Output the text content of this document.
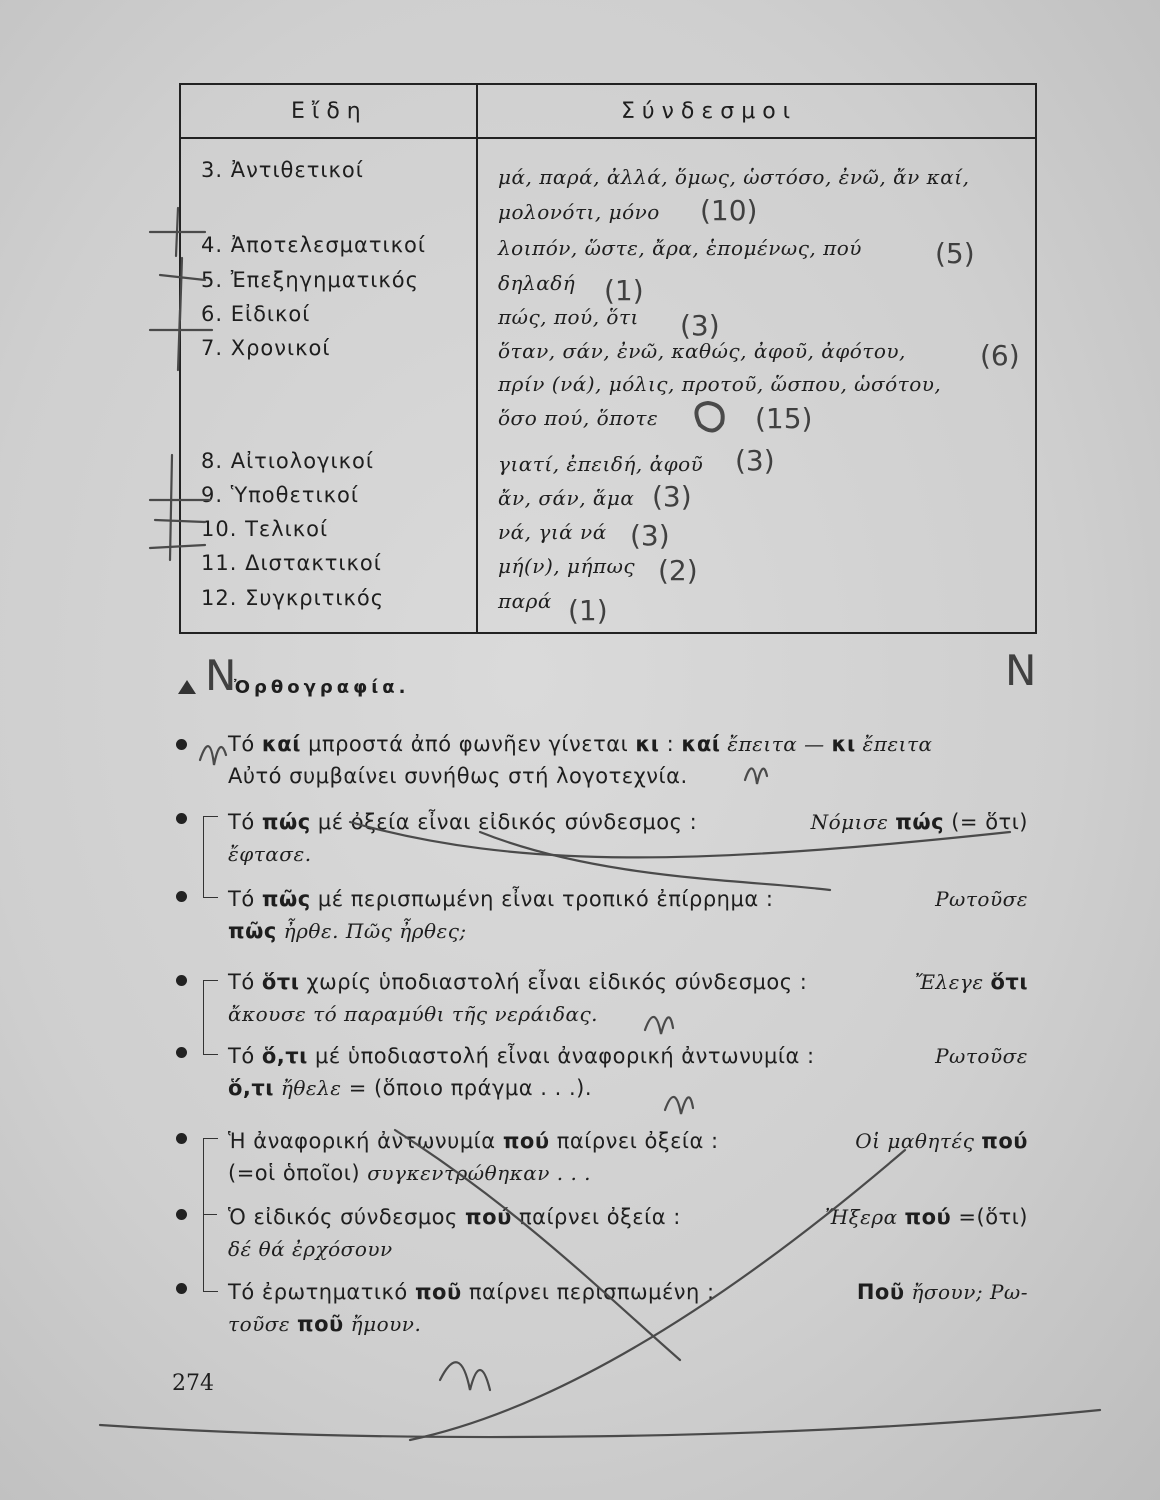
Εἴδη	Σύνδεσμοι
3. Ἀντιθετικοί	μά, παρά, ἀλλά, ὅμως, ὡστόσο, ἐνῶ, ἄν καί,
μολονότι, μόνο
4. Ἀποτελεσματικοί	λοιπόν, ὥστε, ἄρα, ἑπομένως, πού
5. Ἐπεξηγηματικός	δηλαδή
6. Εἰδικοί	πώς, πού, ὅτι
7. Χρονικοί	ὅταν, σάν, ἐνῶ, καθώς, ἀφοῦ, ἀφότου,
πρίν (νά), μόλις, προτοῦ, ὥσπου, ὡσότου,
ὅσο πού, ὅποτε
8. Αἰτιολογικοί	γιατί, ἐπειδή, ἀφοῦ
9. Ὑποθετικοί	ἄν, σάν, ἅμα
10. Τελικοί	νά, γιά νά
11. Διστακτικοί	μή(ν), μήπως
12. Συγκριτικός	παρά
Ὀρθογραφία.
Τό καί μπροστά ἀπό φωνῆεν γίνεται κι : καί ἔπειτα — κι ἔπειτα
Αὐτό συμβαίνει συνήθως στή λογοτεχνία.
Τό πώς μέ ὀξεία εἶναι εἰδικός σύνδεσμος :	Νόμισε πώς (= ὅτι)
ἔφτασε.
Τό πῶς μέ περισπωμένη εἶναι τροπικό ἐπίρρημα :	Ρωτοῦσε
πῶς ἦρθε. Πῶς ἦρθες;
Τό ὅτι χωρίς ὑποδιαστολή εἶναι εἰδικός σύνδεσμος :	Ἔλεγε ὅτι
ἄκουσε τό παραμύθι τῆς νεράιδας.
Τό ὅ,τι μέ ὑποδιαστολή εἶναι ἀναφορική ἀντωνυμία :	Ρωτοῦσε
ὅ,τι ἤθελε = (ὅποιο πράγμα . . .).
Ἡ ἀναφορική ἀντωνυμία πού παίρνει ὀξεία :	Οἱ μαθητές πού
(=οἱ ὁποῖοι) συγκεντρώθηκαν . . .
Ὁ εἰδικός σύνδεσμος πού παίρνει ὀξεία :	Ἤξερα πού =(ὅτι)
δέ θά ἐρχόσουν
Τό ἐρωτηματικό ποῦ παίρνει περισπωμένη :	Ποῦ ἤσουν; Ρω-
τοῦσε ποῦ ἤμουν.
274
(10)
(5)
(1)
(3)
(6)
(15)
(3)
(3)
(3)
(2)
(1)
Ν	Ν
